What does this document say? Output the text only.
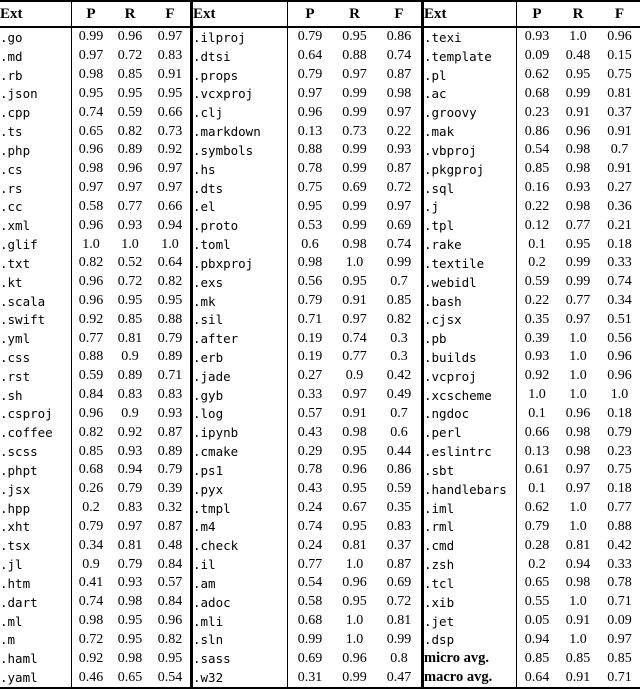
Ext	P	R	F
.go	0.99	0.96	0.97
.md	0.97	0.72	0.83
.rb	0.98	0.85	0.91
.json	0.95	0.95	0.95
.cpp	0.74	0.59	0.66
.ts	0.65	0.82	0.73
.php	0.96	0.89	0.92
.cs	0.98	0.96	0.97
.rs	0.97	0.97	0.97
.cc	0.58	0.77	0.66
.xml	0.96	0.93	0.94
.glif	1.0	1.0	1.0
.txt	0.82	0.52	0.64
.kt	0.96	0.72	0.82
.scala	0.96	0.95	0.95
.swift	0.92	0.85	0.88
.yml	0.77	0.81	0.79
.css	0.88	0.9	0.89
.rst	0.59	0.89	0.71
.sh	0.84	0.83	0.83
.csproj	0.96	0.9	0.93
.coffee	0.82	0.92	0.87
.scss	0.85	0.93	0.89
.phpt	0.68	0.94	0.79
.jsx	0.26	0.79	0.39
.hpp	0.2	0.83	0.32
.xht	0.79	0.97	0.87
.tsx	0.34	0.81	0.48
.jl	0.9	0.79	0.84
.htm	0.41	0.93	0.57
.dart	0.74	0.98	0.84
.ml	0.98	0.95	0.96
.m	0.72	0.95	0.82
.haml	0.92	0.98	0.95
.yaml	0.46	0.65	0.54
Ext	P	R	F
.ilproj	0.79	0.95	0.86
.dtsi	0.64	0.88	0.74
.props	0.79	0.97	0.87
.vcxproj	0.97	0.99	0.98
.clj	0.96	0.99	0.97
.markdown	0.13	0.73	0.22
.symbols	0.88	0.99	0.93
.hs	0.78	0.99	0.87
.dts	0.75	0.69	0.72
.el	0.95	0.99	0.97
.proto	0.53	0.99	0.69
.toml	0.6	0.98	0.74
.pbxproj	0.98	1.0	0.99
.exs	0.56	0.95	0.7
.mk	0.79	0.91	0.85
.sil	0.71	0.97	0.82
.after	0.19	0.74	0.3
.erb	0.19	0.77	0.3
.jade	0.27	0.9	0.42
.gyb	0.33	0.97	0.49
.log	0.57	0.91	0.7
.ipynb	0.43	0.98	0.6
.cmake	0.29	0.95	0.44
.ps1	0.78	0.96	0.86
.pyx	0.43	0.95	0.59
.tmpl	0.24	0.67	0.35
.m4	0.74	0.95	0.83
.check	0.24	0.81	0.37
.il	0.77	1.0	0.87
.am	0.54	0.96	0.69
.adoc	0.58	0.95	0.72
.mli	0.68	1.0	0.81
.sln	0.99	1.0	0.99
.sass	0.69	0.96	0.8
.w32	0.31	0.99	0.47
Ext	P	R	F
.texi	0.93	1.0	0.96
.template	0.09	0.48	0.15
.pl	0.62	0.95	0.75
.ac	0.68	0.99	0.81
.groovy	0.23	0.91	0.37
.mak	0.86	0.96	0.91
.vbproj	0.54	0.98	0.7
.pkgproj	0.85	0.98	0.91
.sql	0.16	0.93	0.27
.j	0.22	0.98	0.36
.tpl	0.12	0.77	0.21
.rake	0.1	0.95	0.18
.textile	0.2	0.99	0.33
.webidl	0.59	0.99	0.74
.bash	0.22	0.77	0.34
.cjsx	0.35	0.97	0.51
.pb	0.39	1.0	0.56
.builds	0.93	1.0	0.96
.vcproj	0.92	1.0	0.96
.xcscheme	1.0	1.0	1.0
.ngdoc	0.1	0.96	0.18
.perl	0.66	0.98	0.79
.eslintrc	0.13	0.98	0.23
.sbt	0.61	0.97	0.75
.handlebars	0.1	0.97	0.18
.iml	0.62	1.0	0.77
.rml	0.79	1.0	0.88
.cmd	0.28	0.81	0.42
.zsh	0.2	0.94	0.33
.tcl	0.65	0.98	0.78
.xib	0.55	1.0	0.71
.jet	0.05	0.91	0.09
.dsp	0.94	1.0	0.97
micro avg.	0.85	0.85	0.85
macro avg.	0.64	0.91	0.71
